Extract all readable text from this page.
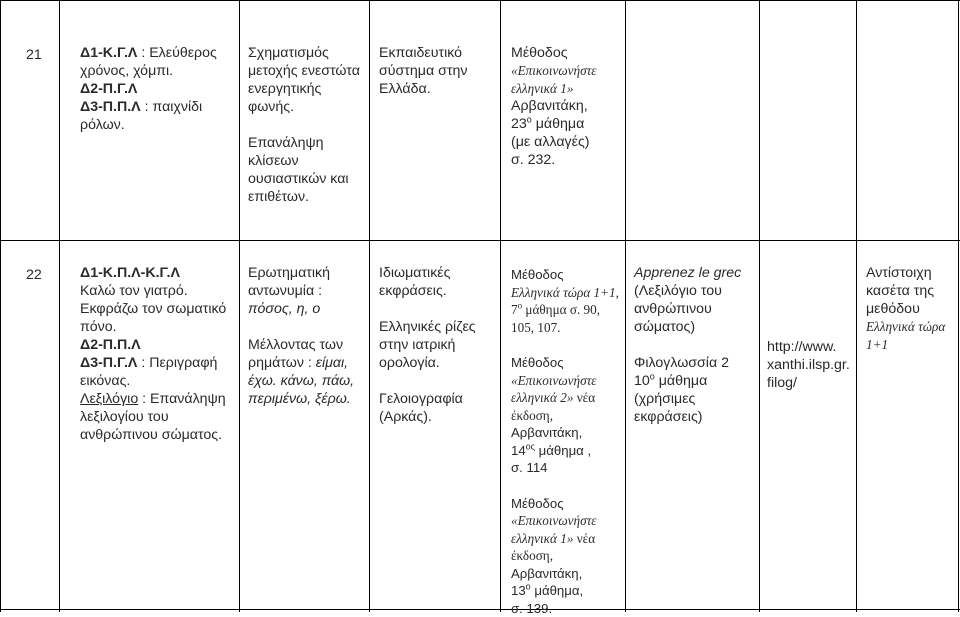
21	Δ1-Κ.Γ.Λ : Ελεύθερος χρόνος, χόμπι.

Δ2-Π.Γ.Λ

Δ3-Π.Π.Λ : παιχνίδι ρόλων.

Σχηματισμός μετοχής ενεστώτα ενεργητικής φωνής.

Επανάληψη κλίσεων ουσιαστικών και επιθέτων.

Εκπαιδευτικό σύστημα στην Ελλάδα.

Μέθοδος

«Επικοινωνήστε ελληνικά 1»

Αρβανιτάκη,

$23^o$ μάθημα

(με αλλαγές)

σ. 232.

22	Δ1-Κ.Π.Λ-Κ.Γ.Λ

Καλώ τον γιατρό.

Εκφράζω τον σωματικό πόνο.

Δ2-Π.Π.Λ

Δ3-Π.Γ.Λ : Περιγραφή εικόνας.

Λεξιλόγιο : Επανάληψη λεξιλογίου του ανθρώπινου σώματος.

Ερωτηματική αντωνυμία :

πόσος, η, ο

Μέλλοντας των ρημάτων : είμαι,

έχω. κάνω, πάω, περιμένω, ξέρω.

Ιδιωματικές εκφράσεις.

Ελληνικές ρίζες στην ιατρική ορολογία.

Γελοιογραφία (Αρκάς).

Μέθοδος

Ελληνικά τώρα 1+1, $7^o$ μάθημα σ. 90, 105, 107.

Μέθοδος

«Επικοινωνήστε ελληνικά 2» νέα έκδοση,

Αρβανιτάκη,

$14^{o\varsigma}$ μάθημα ,

σ. 114

Μέθοδος

«Επικοινωνήστε ελληνικά 1» νέα έκδοση,

Αρβανιτάκη,

$13^o$ μάθημα,

σ. 139.

Apprenez le grec

(Λεξιλόγιο του ανθρώπινου σώματος)

Φιλογλωσσία 2

$10^o$ μάθημα

(χρήσιμες εκφράσεις)

http://www. xanthi.ilsp.gr. filog/

Αντίστοιχη κασέτα της μεθόδου

Ελληνικά τώρα 1+1
